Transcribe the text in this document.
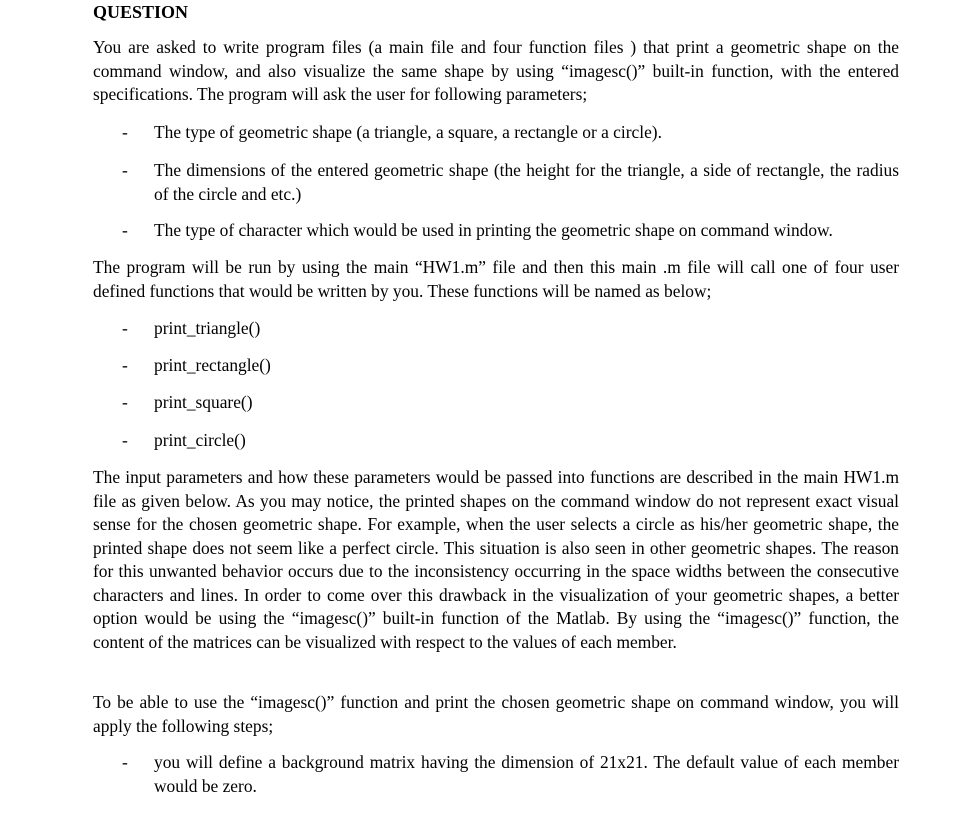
QUESTION

You are asked to write program files (a main file and four function files ) that print a geometric shape on the command window, and also visualize the same shape by using “imagesc()” built-in function, with the entered specifications. The program will ask the user for following parameters;

- The type of geometric shape (a triangle, a square, a rectangle or a circle).
- The dimensions of the entered geometric shape (the height for the triangle, a side of rectangle, the radius of the circle and etc.)
- The type of character which would be used in printing the geometric shape on command window.

The program will be run by using the main “HW1.m” file and then this main .m file will call one of four user defined functions that would be written by you. These functions will be named as below;

- print_triangle()
- print_rectangle()
- print_square()
- print_circle()

The input parameters and how these parameters would be passed into functions are described in the main HW1.m file as given below. As you may notice, the printed shapes on the command window do not represent exact visual sense for the chosen geometric shape. For example, when the user selects a circle as his/her geometric shape, the printed shape does not seem like a perfect circle. This situation is also seen in other geometric shapes. The reason for this unwanted behavior occurs due to the inconsistency occurring in the space widths between the consecutive characters and lines. In order to come over this drawback in the visualization of your geometric shapes, a better option would be using the “imagesc()” built-in function of the Matlab. By using the “imagesc()” function, the content of the matrices can be visualized with respect to the values of each member.

To be able to use the “imagesc()” function and print the chosen geometric shape on command window, you will apply the following steps;

- you will define a background matrix having the dimension of 21x21. The default value of each member would be zero.
